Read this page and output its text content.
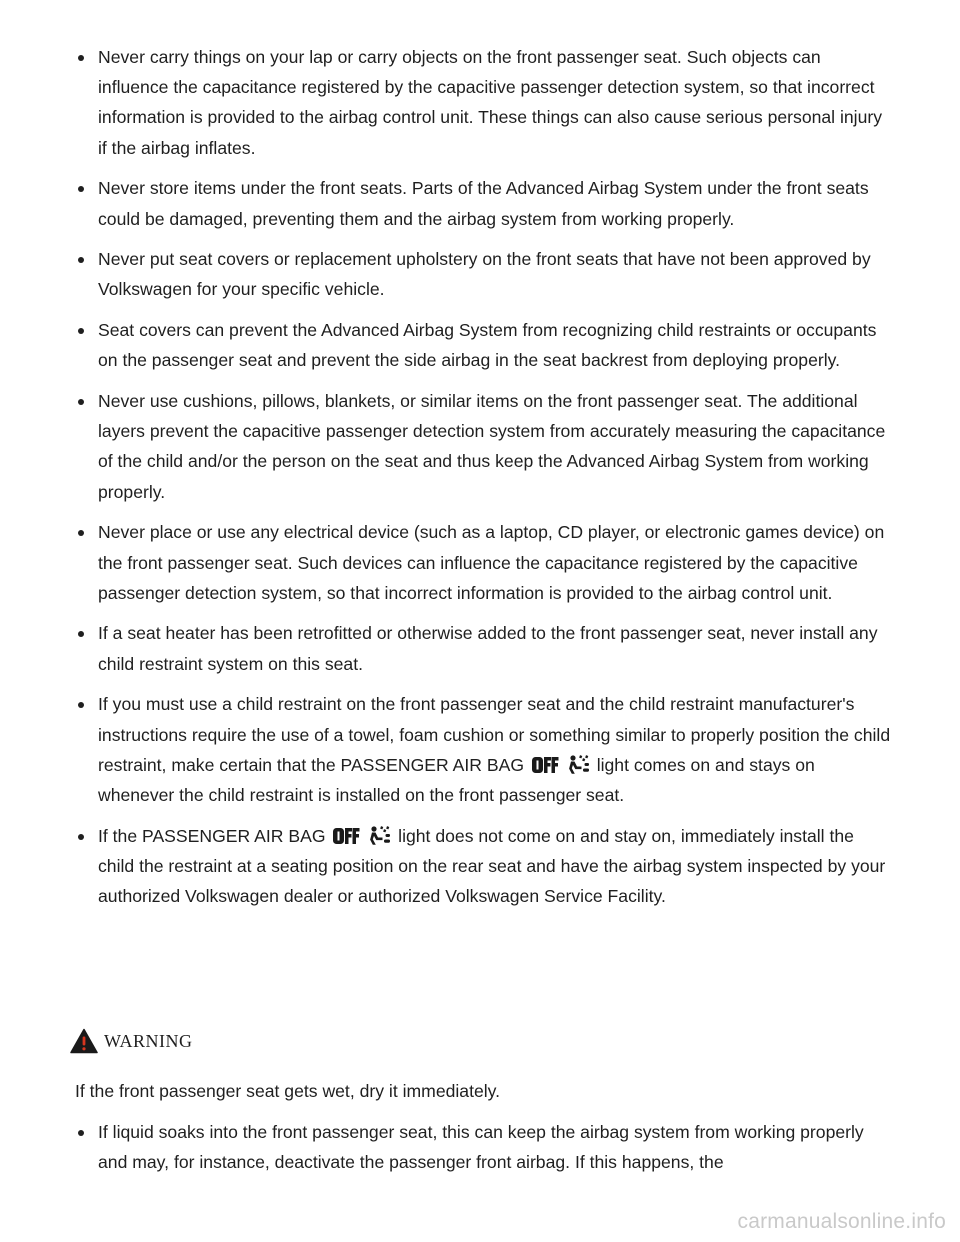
Never carry things on your lap or carry objects on the front passenger seat. Such objects can influence the capacitance registered by the capacitive passenger detection system, so that incorrect information is provided to the airbag control unit. These things can also cause serious personal injury if the airbag inflates.
Never store items under the front seats. Parts of the Advanced Airbag System under the front seats could be damaged, preventing them and the airbag system from working properly.
Never put seat covers or replacement upholstery on the front seats that have not been approved by Volkswagen for your specific vehicle.
Seat covers can prevent the Advanced Airbag System from recognizing child restraints or occupants on the passenger seat and prevent the side airbag in the seat backrest from deploying properly.
Never use cushions, pillows, blankets, or similar items on the front passenger seat. The additional layers prevent the capacitive passenger detection system from accurately measuring the capacitance of the child and/or the person on the seat and thus keep the Advanced Airbag System from working properly.
Never place or use any electrical device (such as a laptop, CD player, or electronic games device) on the front passenger seat. Such devices can influence the capacitance registered by the capacitive passenger detection system, so that incorrect information is provided to the airbag control unit.
If a seat heater has been retrofitted or otherwise added to the front passenger seat, never install any child restraint system on this seat.
If you must use a child restraint on the front passenger seat and the child restraint manufacturer's instructions require the use of a towel, foam cushion or something similar to properly position the child restraint, make certain that the PASSENGER AIR BAG
	light comes on and stays on whenever the child restraint is installed on the front passenger seat.
If the PASSENGER AIR BAG
	light does not come on and stay on, immediately install the child the restraint at a seating position on the rear seat and have the airbag system inspected by your authorized Volkswagen dealer or authorized Volkswagen Service Facility.
WARNING

If the front passenger seat gets wet, dry it immediately.

If liquid soaks into the front passenger seat, this can keep the airbag system from working properly and may, for instance, deactivate the passenger front airbag. If this happens, the
carmanualsonline.info
